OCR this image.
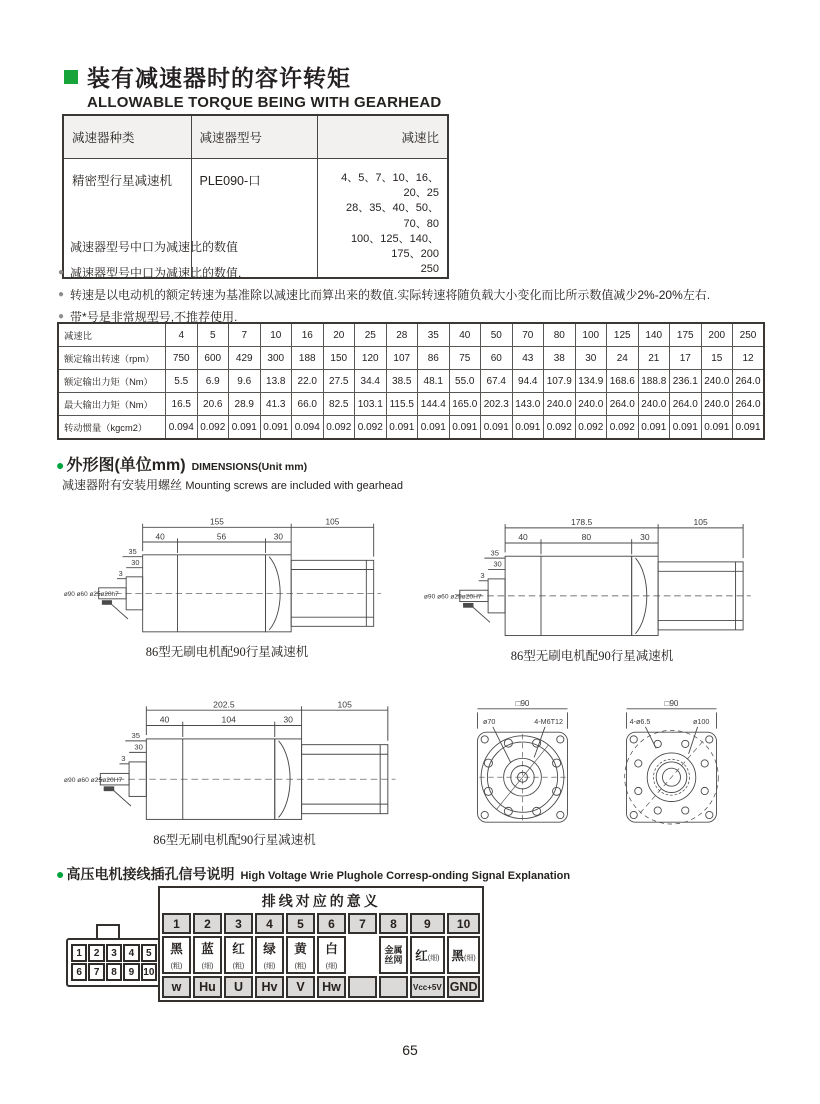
装有减速器时的容许转矩
ALLOWABLE TORQUE BEING WITH GEARHEAD
减速器种类	减速器型号	减速比
精密型行星减速机	PLE090-口	4、5、7、10、16、20、25
28、35、40、50、70、80
100、125、140、175、200
250
减速器型号中口为减速比的数值
● 减速器型号中口为减速比的数值.
● 转速是以电动机的额定转速为基准除以减速比而算出来的数值.实际转速将随负载大小变化而比所示数值减少2%-20%左右.
● 带*号是非常规型号,不推荐使用.
减速比	4	5	7	10	16	20	25	28	35	40	50	70	80	100	125	140	175	200	250
额定输出转速（rpm）	750	600	429	300	188	150	120	107	86	75	60	43	38	30	24	21	17	15	12
额定输出力矩（Nm）	5.5	6.9	9.6	13.8	22.0	27.5	34.4	38.5	48.1	55.0	67.4	94.4	107.9	134.9	168.6	188.8	236.1	240.0	264.0
最大输出力矩（Nm）	16.5	20.6	28.9	41.3	66.0	82.5	103.1	115.5	144.4	165.0	202.3	143.0	240.0	240.0	264.0	240.0	264.0	240.0	264.0
转动惯量（kgcm2）	0.094	0.092	0.091	0.091	0.094	0.092	0.092	0.091	0.091	0.091	0.091	0.091	0.092	0.092	0.092	0.091	0.091	0.091	0.091
● 外形图(单位mm) DIMENSIONS(Unit mm)
减速器附有安装用螺丝 Mounting screws are included with gearhead
155	105
40	56	30
35
30
3
ø90 ø60 ø25ø20h7
86型无刷电机配90行星减速机
178.5	105
40	80	30
35
30
3
ø90 ø60 ø25ø20H7
86型无刷电机配90行星减速机
202.5	105
40	104	30
35
30
3
ø90 ø60 ø25ø20H7
86型无刷电机配90行星减速机
□90
ø70	4-M6T12
□90
4-ø6.5	ø100
● 高压电机接线插孔信号说明 High Voltage Wrie Plughole Corresp-onding Signal Explanation
1	2	3	4	5
6	7	8	9 10
排线对应的意义									
1	2	3	4	5	6	7	8	9	10
黑(粗)	蓝(细)	红(粗)	绿(细)	黄(粗)	白(细)		金属丝网	红(细)	黑(细)
w	Hu	U	Hv	V	Hw			Vcc+5V	GND
65
